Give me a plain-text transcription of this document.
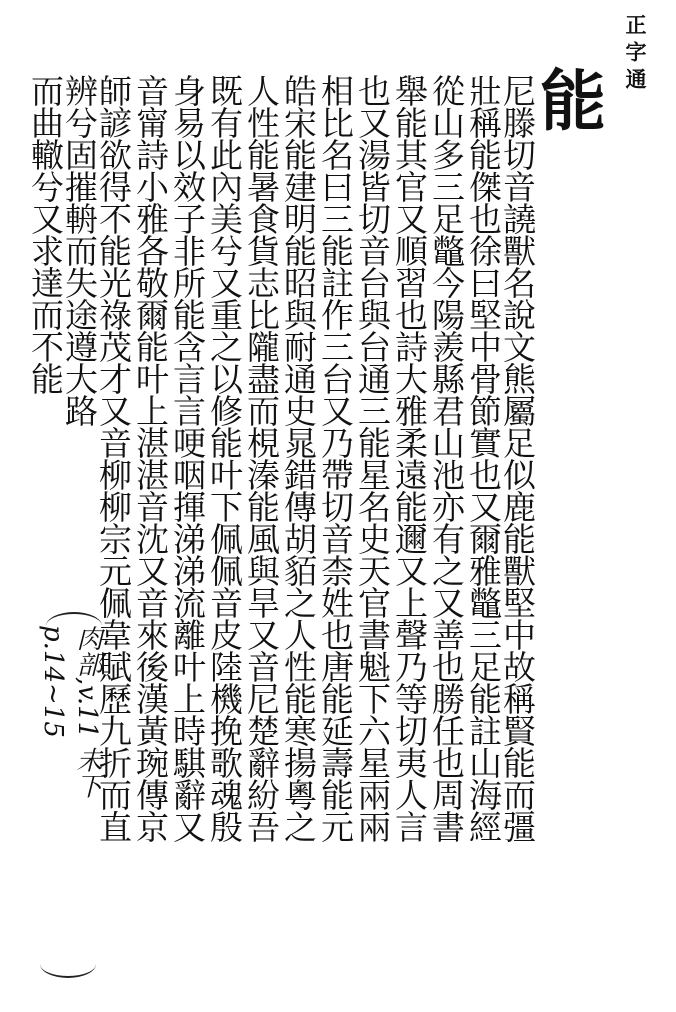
正字通
能
尼滕切音譊獸名說文熊屬足似鹿能獸堅中故稱賢能而彊
壯稱能傑也徐曰堅中骨節實也又爾雅鼈三足能註山海經
從山多三足鼈今陽羨縣君山池亦有之又善也勝任也周書
舉能其官又順習也詩大雅柔遠能邇又上聲乃等切夷人言
也又湯皆切音台與台通三能星名史天官書魁下六星兩兩
相比名曰三能註作三台又乃帶切音柰姓也唐能延壽能元
皓宋能建明能昭與耐通史晁錯傳胡貊之人性能寒揚粵之
人性能暑食貨志比隴盡而梘溱能風與旱又音尼楚辭紛吾
既有此內美兮又重之以修能叶下佩佩音皮陸機挽歌魂殷
身易以效子非所能含言言哽咽揮涕涕流離叶上時騏辭又
音甯詩小雅各敬爾能叶上湛湛音沈又音來後漢黃琬傳京
師諺欲得不能光祿茂才又音柳柳宗元佩韋賦歷九折而直
辨兮固摧輈而失途遵大路
而曲轍兮又求達而不能
肉部,v.11 未下
p.14~15
